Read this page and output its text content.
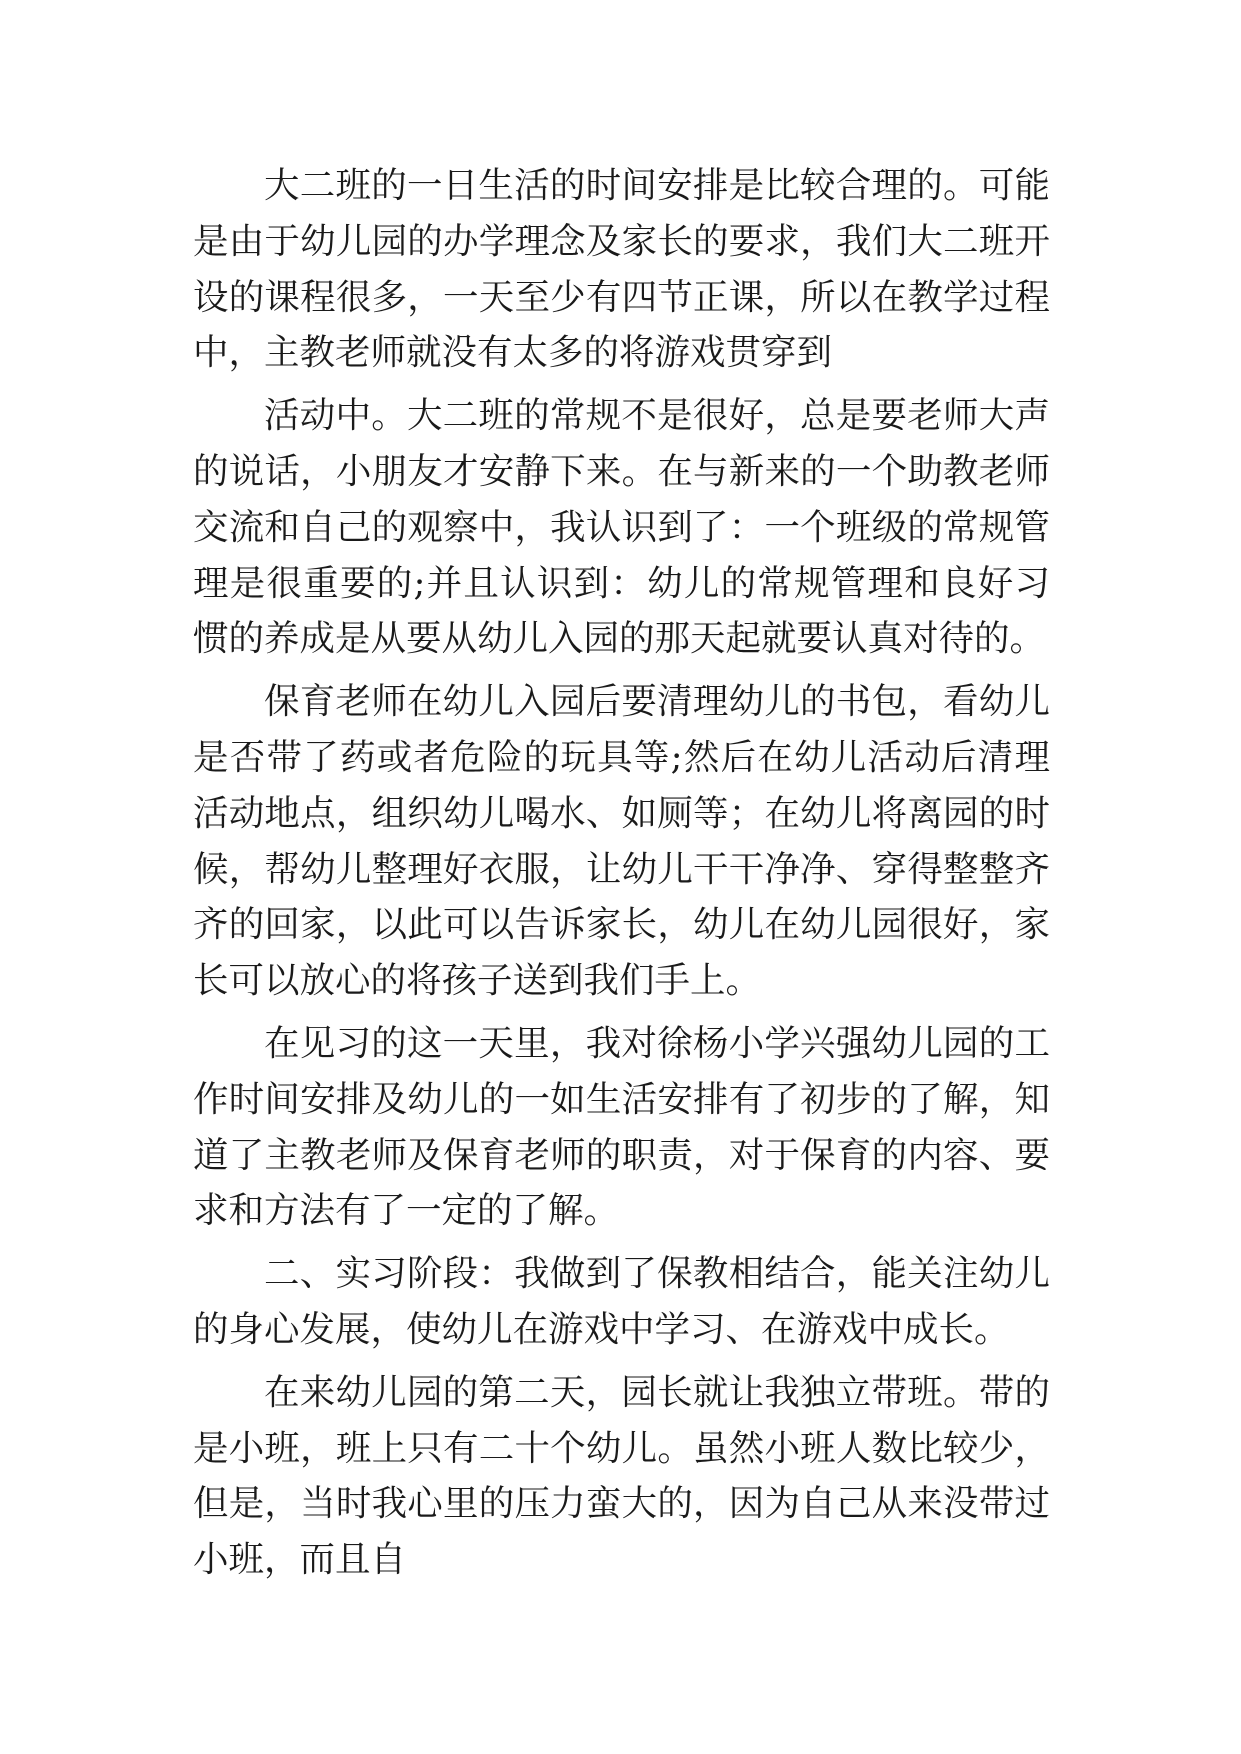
大二班的一日生活的时间安排是比较合理的。可能是由于幼儿园的办学理念及家长的要求，我们大二班开设的课程很多，一天至少有四节正课，所以在教学过程中，主教老师就没有太多的将游戏贯穿到

活动中。大二班的常规不是很好，总是要老师大声的说话，小朋友才安静下来。在与新来的一个助教老师交流和自己的观察中，我认识到了：一个班级的常规管理是很重要的;并且认识到：幼儿的常规管理和良好习惯的养成是从要从幼儿入园的那天起就要认真对待的。

保育老师在幼儿入园后要清理幼儿的书包，看幼儿是否带了药或者危险的玩具等;然后在幼儿活动后清理活动地点，组织幼儿喝水、如厕等；在幼儿将离园的时候，帮幼儿整理好衣服，让幼儿干干净净、穿得整整齐齐的回家，以此可以告诉家长，幼儿在幼儿园很好，家长可以放心的将孩子送到我们手上。

在见习的这一天里，我对徐杨小学兴强幼儿园的工作时间安排及幼儿的一如生活安排有了初步的了解，知道了主教老师及保育老师的职责，对于保育的内容、要求和方法有了一定的了解。

二、实习阶段：我做到了保教相结合，能关注幼儿的身心发展，使幼儿在游戏中学习、在游戏中成长。

在来幼儿园的第二天，园长就让我独立带班。带的是小班，班上只有二十个幼儿。虽然小班人数比较少，但是，当时我心里的压力蛮大的，因为自己从来没带过小班，而且自
